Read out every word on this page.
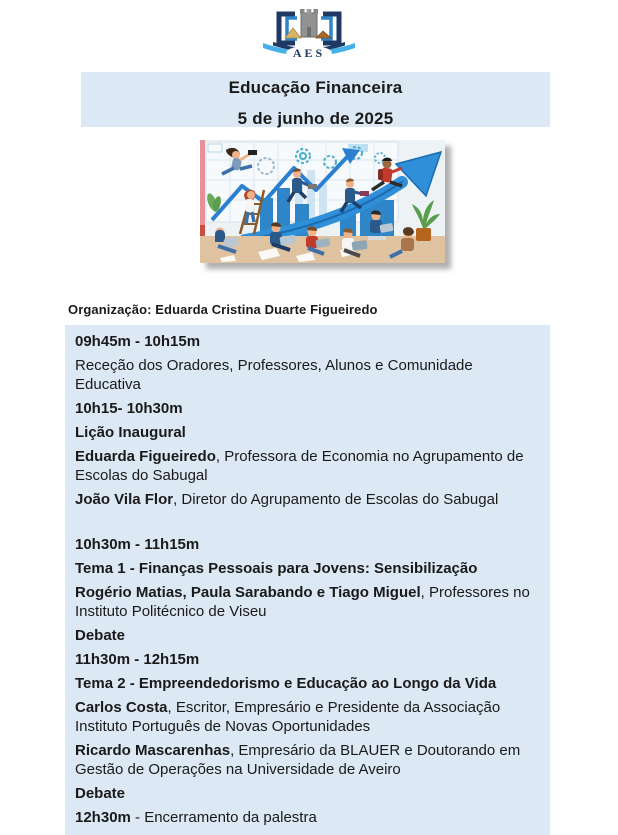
AES
Educação Financeira
5 de junho de 2025
Organização: Eduarda Cristina Duarte Figueiredo

09h45m - 10h15m

Receção dos Oradores, Professores, Alunos e Comunidade Educativa

10h15- 10h30m

Lição Inaugural

Eduarda Figueiredo, Professora de Economia no Agrupamento de Escolas do Sabugal

João Vila Flor, Diretor do Agrupamento de Escolas do Sabugal

10h30m - 11h15m

Tema 1 - Finanças Pessoais para Jovens: Sensibilização

Rogério Matias, Paula Sarabando e Tiago Miguel, Professores no Instituto Politécnico de Viseu

Debate

11h30m - 12h15m

Tema 2 - Empreendedorismo e Educação ao Longo da Vida

Carlos Costa, Escritor, Empresário e Presidente da Associação Instituto Português de Novas Oportunidades

Ricardo Mascarenhas, Empresário da BLAUER e Doutorando em Gestão de Operações na Universidade de Aveiro

Debate

12h30m - Encerramento da palestra
